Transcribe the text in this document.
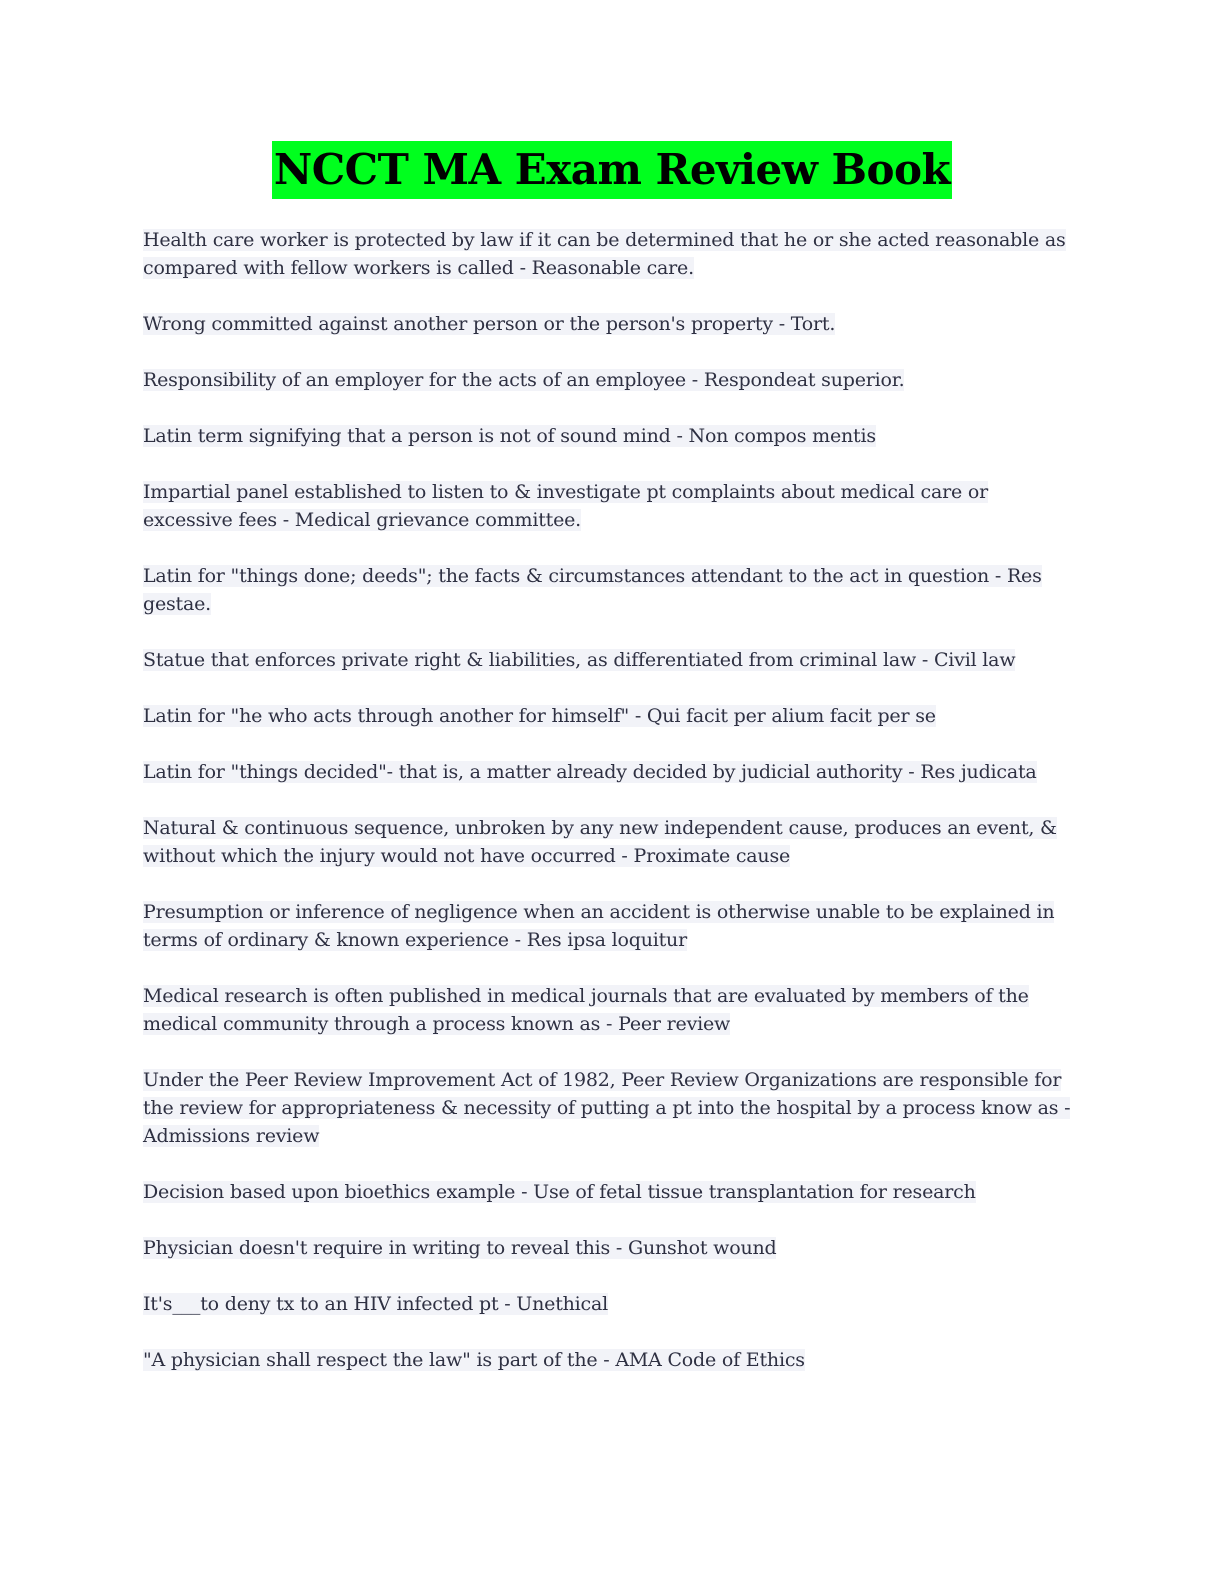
NCCT MA Exam Review Book

Health care worker is protected by law if it can be determined that he or she acted reasonable as compared with fellow workers is called - Reasonable care.

Wrong committed against another person or the person's property - Tort.

Responsibility of an employer for the acts of an employee - Respondeat superior.

Latin term signifying that a person is not of sound mind - Non compos mentis

Impartial panel established to listen to & investigate pt complaints about medical care or excessive fees - Medical grievance committee.

Latin for "things done; deeds"; the facts & circumstances attendant to the act in question - Res gestae.

Statue that enforces private right & liabilities, as differentiated from criminal law - Civil law

Latin for "he who acts through another for himself" - Qui facit per alium facit per se

Latin for "things decided"- that is, a matter already decided by judicial authority - Res judicata

Natural & continuous sequence, unbroken by any new independent cause, produces an event, & without which the injury would not have occurred - Proximate cause

Presumption or inference of negligence when an accident is otherwise unable to be explained in terms of ordinary & known experience - Res ipsa loquitur

Medical research is often published in medical journals that are evaluated by members of the medical community through a process known as - Peer review

Under the Peer Review Improvement Act of 1982, Peer Review Organizations are responsible for the review for appropriateness & necessity of putting a pt into the hospital by a process know as - Admissions review

Decision based upon bioethics example - Use of fetal tissue transplantation for research

Physician doesn't require in writing to reveal this - Gunshot wound

It's___to deny tx to an HIV infected pt - Unethical

"A physician shall respect the law" is part of the - AMA Code of Ethics
